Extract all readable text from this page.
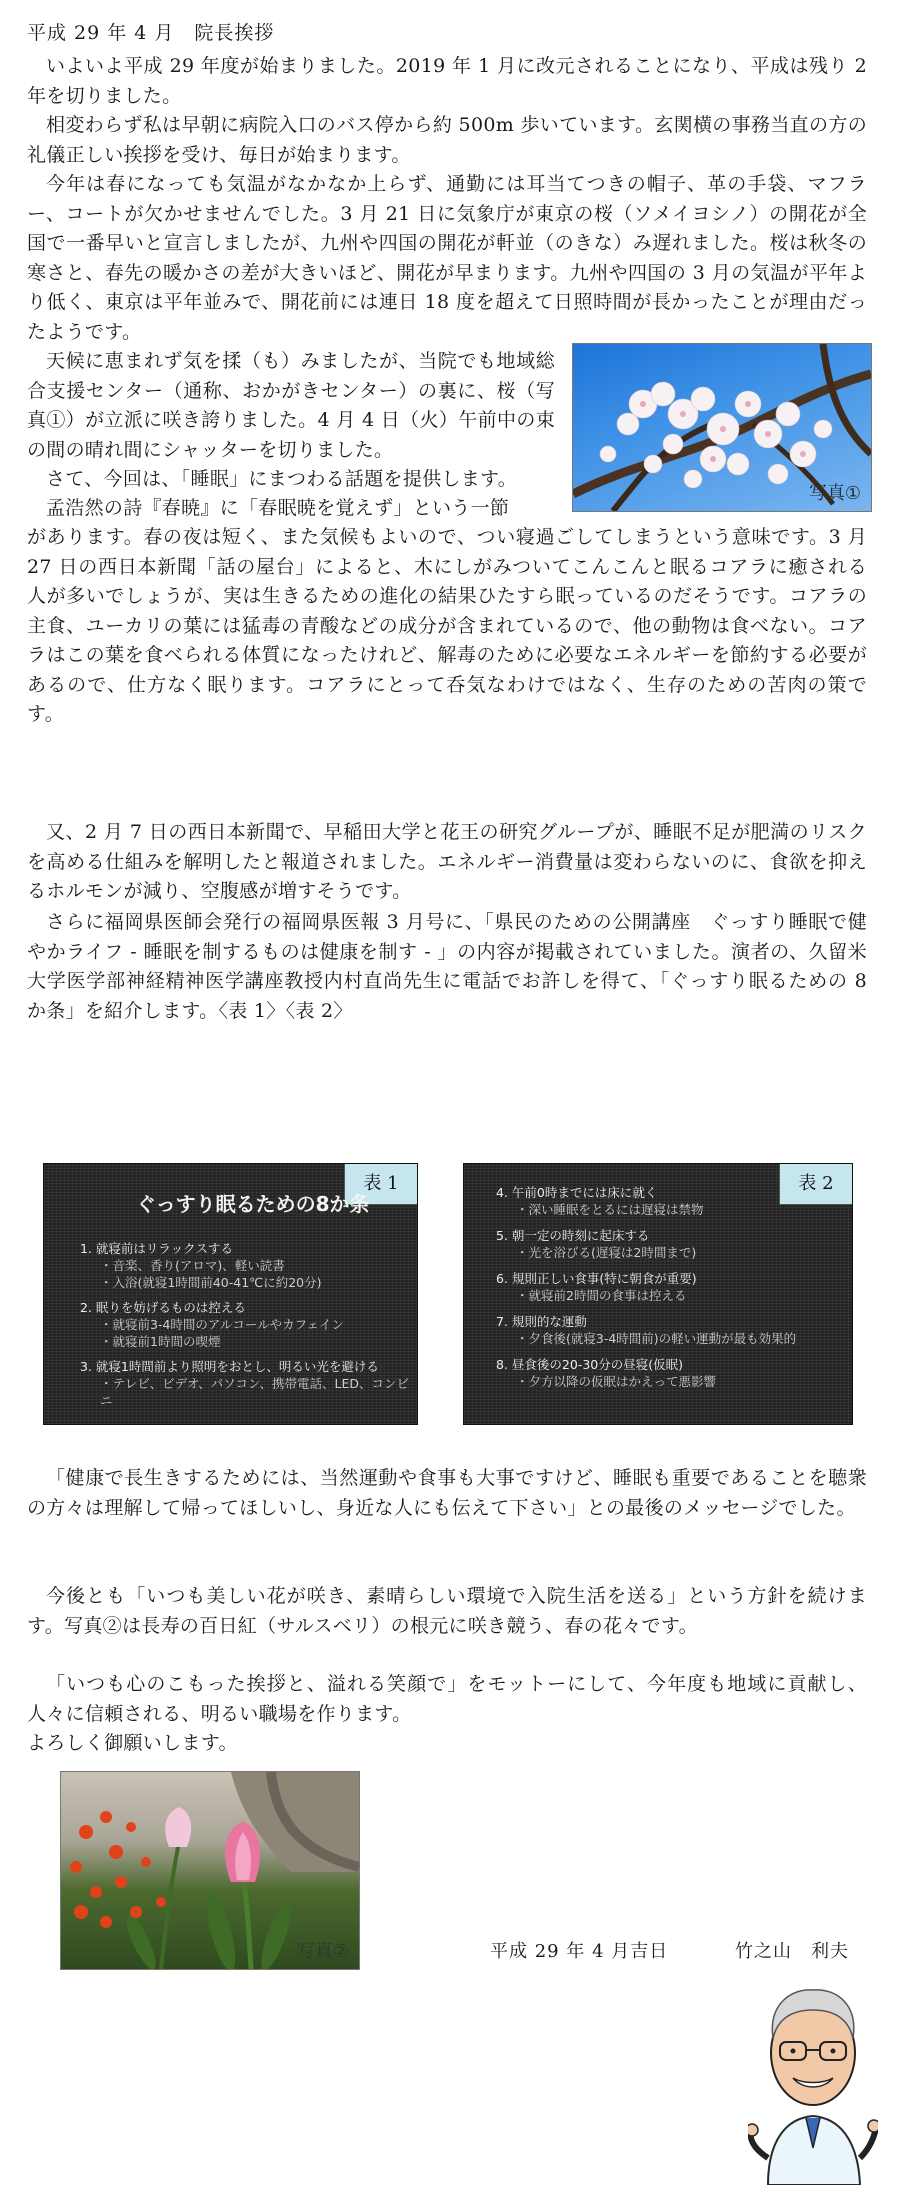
平成 29 年 4 月　院長挨拶

いよいよ平成 29 年度が始まりました。2019 年 1 月に改元されることになり、平成は残り 2 年を切りました。

相変わらず私は早朝に病院入口のバス停から約 500m 歩いています。玄関横の事務当直の方の礼儀正しい挨拶を受け、毎日が始まります。

今年は春になっても気温がなかなか上らず、通勤には耳当てつきの帽子、革の手袋、マフラー、コートが欠かせませんでした。3 月 21 日に気象庁が東京の桜（ソメイヨシノ）の開花が全国で一番早いと宣言しましたが、九州や四国の開花が軒並（のきな）み遅れました。桜は秋冬の寒さと、春先の暖かさの差が大きいほど、開花が早まります。九州や四国の 3 月の気温が平年より低く、東京は平年並みで、開花前には連日 18 度を超えて日照時間が長かったことが理由だったようです。

天候に恵まれず気を揉（も）みましたが、当院でも地域総合支援センター（通称、おかがきセンター）の裏に、桜（写真①）が立派に咲き誇りました。4 月 4 日（火）午前中の束の間の晴れ間にシャッターを切りました。

さて、今回は、「睡眠」にまつわる話題を提供します。

孟浩然の詩『春暁』に「春眠暁を覚えず」という一節

写真①

があります。春の夜は短く、また気候もよいので、つい寝過ごしてしまうという意味です。3 月 27 日の西日本新聞「話の屋台」によると、木にしがみついてこんこんと眠るコアラに癒される人が多いでしょうが、実は生きるための進化の結果ひたすら眠っているのだそうです。コアラの主食、ユーカリの葉には猛毒の青酸などの成分が含まれているので、他の動物は食べない。コアラはこの葉を食べられる体質になったけれど、解毒のために必要なエネルギーを節約する必要があるので、仕方なく眠ります。コアラにとって呑気なわけではなく、生存のための苦肉の策です。

又、2 月 7 日の西日本新聞で、早稲田大学と花王の研究グループが、睡眠不足が肥満のリスクを高める仕組みを解明したと報道されました。エネルギー消費量は変わらないのに、食欲を抑えるホルモンが減り、空腹感が増すそうです。

さらに福岡県医師会発行の福岡県医報 3 月号に、「県民のための公開講座　ぐっすり睡眠で健やかライフ - 睡眠を制するものは健康を制す - 」の内容が掲載されていました。演者の、久留米大学医学部神経精神医学講座教授内村直尚先生に電話でお許しを得て、「ぐっすり眠るための 8 か条」を紹介します。〈表 1〉〈表 2〉

表 1
ぐっすり眠るための8か条
1. 就寝前はリラックスする
・音楽、香り(アロマ)、軽い読書
・入浴(就寝1時間前40-41℃に約20分)
2. 眠りを妨げるものは控える
・就寝前3-4時間のアルコールやカフェイン
・就寝前1時間の喫煙
3. 就寝1時間前より照明をおとし、明るい光を避ける
・テレビ、ビデオ、パソコン、携帯電話、LED、コンビニ
表 2
4. 午前0時までには床に就く
・深い睡眠をとるには遅寝は禁物
5. 朝一定の時刻に起床する
・光を浴びる(遅寝は2時間まで)
6. 規則正しい食事(特に朝食が重要)
・就寝前2時間の食事は控える
7. 規則的な運動
・夕食後(就寝3-4時間前)の軽い運動が最も効果的
8. 昼食後の20-30分の昼寝(仮眠)
・夕方以降の仮眠はかえって悪影響

「健康で長生きするためには、当然運動や食事も大事ですけど、睡眠も重要であることを聴衆の方々は理解して帰ってほしいし、身近な人にも伝えて下さい」との最後のメッセージでした。

今後とも「いつも美しい花が咲き、素晴らしい環境で入院生活を送る」という方針を続けます。写真②は長寿の百日紅（サルスベリ）の根元に咲き競う、春の花々です。

「いつも心のこもった挨拶と、溢れる笑顔で」をモットーにして、今年度も地域に貢献し、人々に信頼される、明るい職場を作ります。

よろしく御願いします。

写真②	平成 29 年 4 月吉日	竹之山　利夫
